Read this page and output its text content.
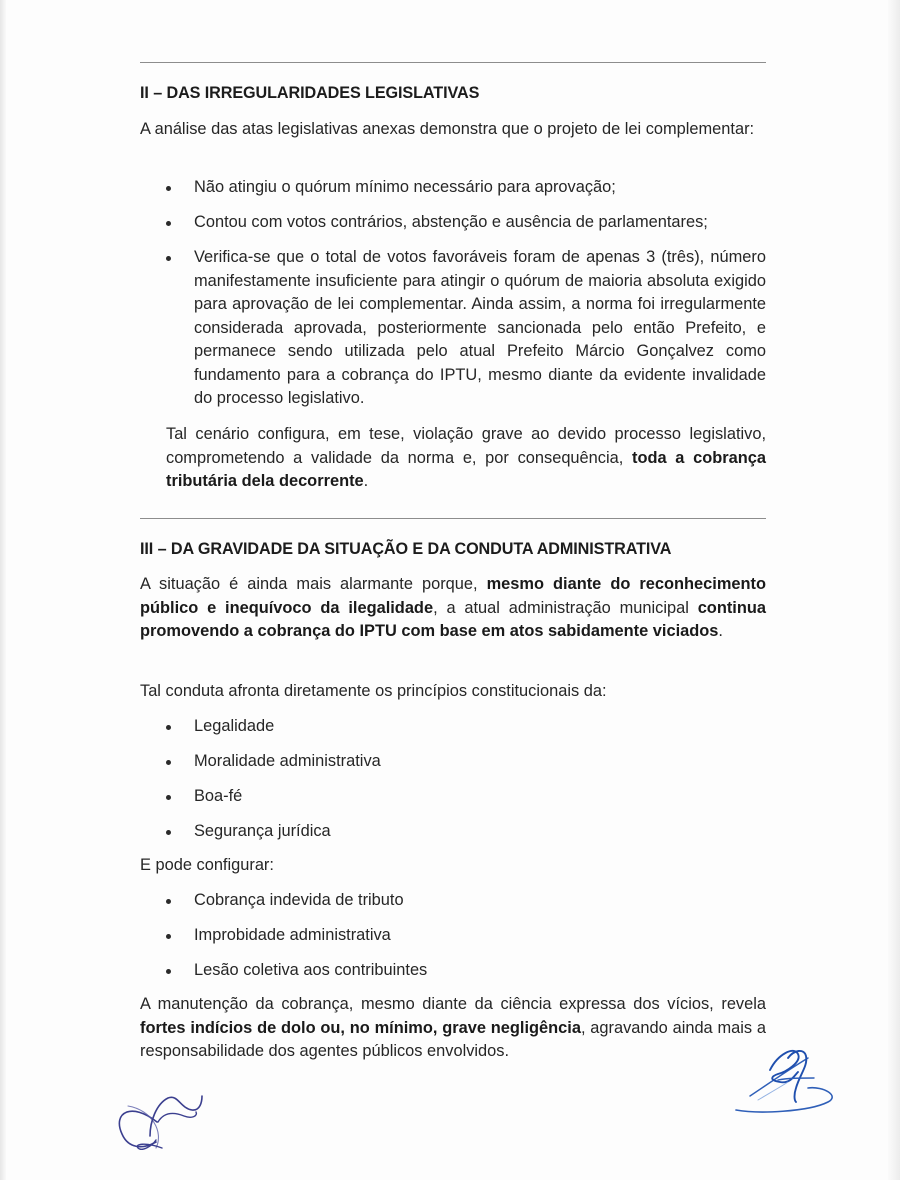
II – DAS IRREGULARIDADES LEGISLATIVAS
A análise das atas legislativas anexas demonstra que o projeto de lei complementar:
Não atingiu o quórum mínimo necessário para aprovação;
Contou com votos contrários, abstenção e ausência de parlamentares;
Verifica-se que o total de votos favoráveis foram de apenas 3 (três), número manifestamente insuficiente para atingir o quórum de maioria absoluta exigido para aprovação de lei complementar. Ainda assim, a norma foi irregularmente considerada aprovada, posteriormente sancionada pelo então Prefeito, e permanece sendo utilizada pelo atual Prefeito Márcio Gonçalvez como fundamento para a cobrança do IPTU, mesmo diante da evidente invalidade do processo legislativo.
Tal cenário configura, em tese, violação grave ao devido processo legislativo, comprometendo a validade da norma e, por consequência, toda a cobrança tributária dela decorrente.
III – DA GRAVIDADE DA SITUAÇÃO E DA CONDUTA ADMINISTRATIVA
A situação é ainda mais alarmante porque, mesmo diante do reconhecimento público e inequívoco da ilegalidade, a atual administração municipal continua promovendo a cobrança do IPTU com base em atos sabidamente viciados.
Tal conduta afronta diretamente os princípios constitucionais da:
Legalidade
Moralidade administrativa
Boa-fé
Segurança jurídica
E pode configurar:
Cobrança indevida de tributo
Improbidade administrativa
Lesão coletiva aos contribuintes
A manutenção da cobrança, mesmo diante da ciência expressa dos vícios, revela fortes indícios de dolo ou, no mínimo, grave negligência, agravando ainda mais a responsabilidade dos agentes públicos envolvidos.
